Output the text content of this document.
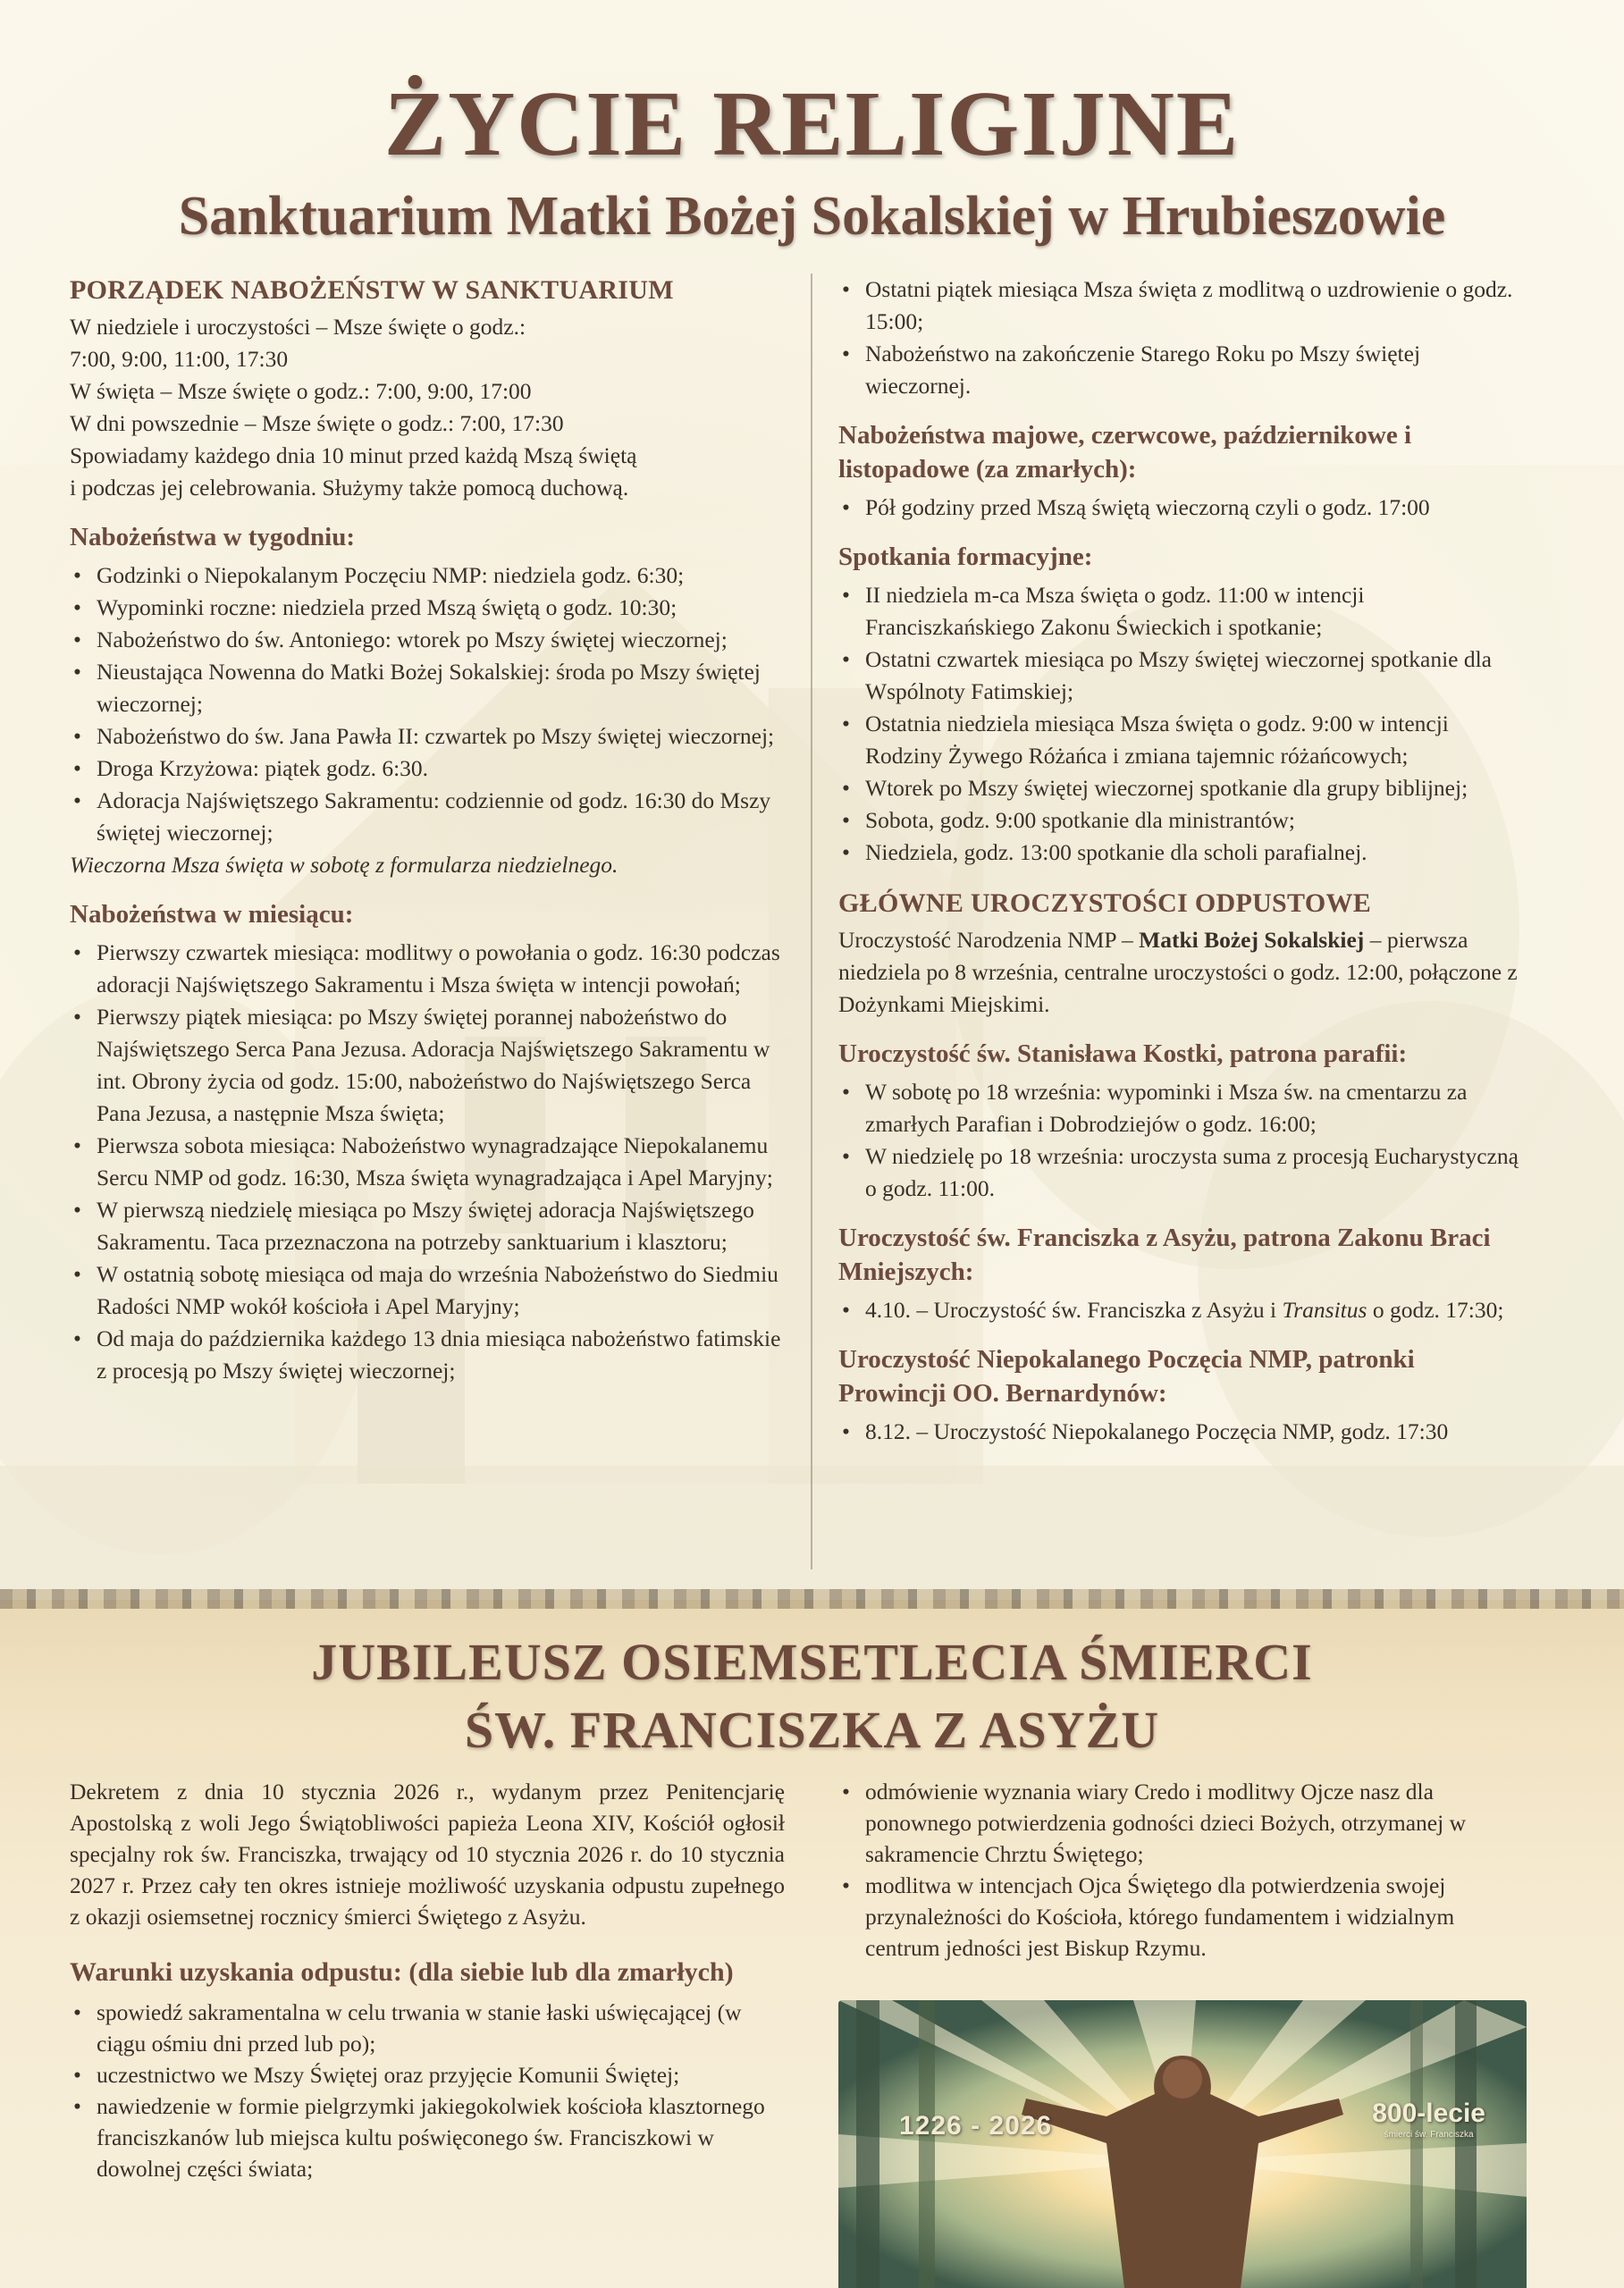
ŻYCIE RELIGIJNE
Sanktuarium Matki Bożej Sokalskiej w Hrubieszowie
PORZĄDEK NABOŻEŃSTW W SANKTUARIUM

W niedziele i uroczystości – Msze święte o godz.:

7:00, 9:00, 11:00, 17:30

W święta – Msze święte o godz.: 7:00, 9:00, 17:00

W dni powszednie – Msze święte o godz.: 7:00, 17:30

Spowiadamy każdego dnia 10 minut przed każdą Mszą świętą

i podczas jej celebrowania. Służymy także pomocą duchową.

Nabożeństwa w tygodniu:
• Godzinki o Niepokalanym Poczęciu NMP: niedziela godz. 6:30;
• Wypominki roczne: niedziela przed Mszą świętą o godz. 10:30;
• Nabożeństwo do św. Antoniego: wtorek po Mszy świętej wieczornej;
• Nieustająca Nowenna do Matki Bożej Sokalskiej: środa po Mszy świętej wieczornej;
• Nabożeństwo do św. Jana Pawła II: czwartek po Mszy świętej wieczornej;
• Droga Krzyżowa: piątek godz. 6:30.
• Adoracja Najświętszego Sakramentu: codziennie od godz. 16:30 do Mszy świętej wieczornej;

Wieczorna Msza święta w sobotę z formularza niedzielnego.

Nabożeństwa w miesiącu:
• Pierwszy czwartek miesiąca: modlitwy o powołania o godz. 16:30 podczas adoracji Najświętszego Sakramentu i Msza święta w intencji powołań;
• Pierwszy piątek miesiąca: po Mszy świętej porannej nabożeństwo do Najświętszego Serca Pana Jezusa. Adoracja Najświętszego Sakramentu w int. Obrony życia od godz. 15:00, nabożeństwo do Najświętszego Serca Pana Jezusa, a następnie Msza święta;
• Pierwsza sobota miesiąca: Nabożeństwo wynagradzające Niepokalanemu Sercu NMP od godz. 16:30, Msza święta wynagradzająca i Apel Maryjny;
• W pierwszą niedzielę miesiąca po Mszy świętej adoracja Najświętszego Sakramentu. Taca przeznaczona na potrzeby sanktuarium i klasztoru;
• W ostatnią sobotę miesiąca od maja do września Nabożeństwo do Siedmiu Radości NMP wokół kościoła i Apel Maryjny;
• Od maja do października każdego 13 dnia miesiąca nabożeństwo fatimskie z procesją po Mszy świętej wieczornej;
• Ostatni piątek miesiąca Msza święta z modlitwą o uzdrowienie o godz. 15:00;
• Nabożeństwo na zakończenie Starego Roku po Mszy świętej wieczornej.
Nabożeństwa majowe, czerwcowe, październikowe i listopadowe (za zmarłych):
• Pół godziny przed Mszą świętą wieczorną czyli o godz. 17:00
Spotkania formacyjne:
• II niedziela m-ca Msza święta o godz. 11:00 w intencji Franciszkańskiego Zakonu Świeckich i spotkanie;
• Ostatni czwartek miesiąca po Mszy świętej wieczornej spotkanie dla Wspólnoty Fatimskiej;
• Ostatnia niedziela miesiąca Msza święta o godz. 9:00 w intencji Rodziny Żywego Różańca i zmiana tajemnic różańcowych;
• Wtorek po Mszy świętej wieczornej spotkanie dla grupy biblijnej;
• Sobota, godz. 9:00 spotkanie dla ministrantów;
• Niedziela, godz. 13:00 spotkanie dla scholi parafialnej.
GŁÓWNE UROCZYSTOŚCI ODPUSTOWE

Uroczystość Narodzenia NMP – Matki Bożej Sokalskiej – pierwsza niedziela po 8 września, centralne uroczystości o godz. 12:00, połączone z Dożynkami Miejskimi.

Uroczystość św. Stanisława Kostki, patrona parafii:
• W sobotę po 18 września: wypominki i Msza św. na cmentarzu za zmarłych Parafian i Dobrodziejów o godz. 16:00;
• W niedzielę po 18 września: uroczysta suma z procesją Eucharystyczną o godz. 11:00.
Uroczystość św. Franciszka z Asyżu, patrona Zakonu Braci Mniejszych:
• 4.10. – Uroczystość św. Franciszka z Asyżu i Transitus o godz. 17:30;
Uroczystość Niepokalanego Poczęcia NMP, patronki Prowincji OO. Bernardynów:
• 8.12. – Uroczystość Niepokalanego Poczęcia NMP, godz. 17:30
JUBILEUSZ OSIEMSETLECIA ŚMIERCI
ŚW. FRANCISZKA Z ASYŻU

Dekretem z dnia 10 stycznia 2026 r., wydanym przez Penitencjarię Apostolską z woli Jego Świątobliwości papieża Leona XIV, Kościół ogłosił specjalny rok św. Franciszka, trwający od 10 stycznia 2026 r. do 10 stycznia 2027 r. Przez cały ten okres istnieje możliwość uzyskania odpustu zupełnego z okazji osiemsetnej rocznicy śmierci Świętego z Asyżu.

Warunki uzyskania odpustu: (dla siebie lub dla zmarłych)
• spowiedź sakramentalna w celu trwania w stanie łaski uświęcającej (w ciągu ośmiu dni przed lub po);
• uczestnictwo we Mszy Świętej oraz przyjęcie Komunii Świętej;
• nawiedzenie w formie pielgrzymki jakiegokolwiek kościoła klasztornego franciszkanów lub miejsca kultu poświęconego św. Franciszkowi w dowolnej części świata;
• odmówienie wyznania wiary Credo i modlitwy Ojcze nasz dla ponownego potwierdzenia godności dzieci Bożych, otrzymanej w sakramencie Chrztu Świętego;
• modlitwa w intencjach Ojca Świętego dla potwierdzenia swojej przynależności do Kościoła, którego fundamentem i widzialnym centrum jedności jest Biskup Rzymu.
1226 - 2026	800-lecie
śmierci św. Franciszka
